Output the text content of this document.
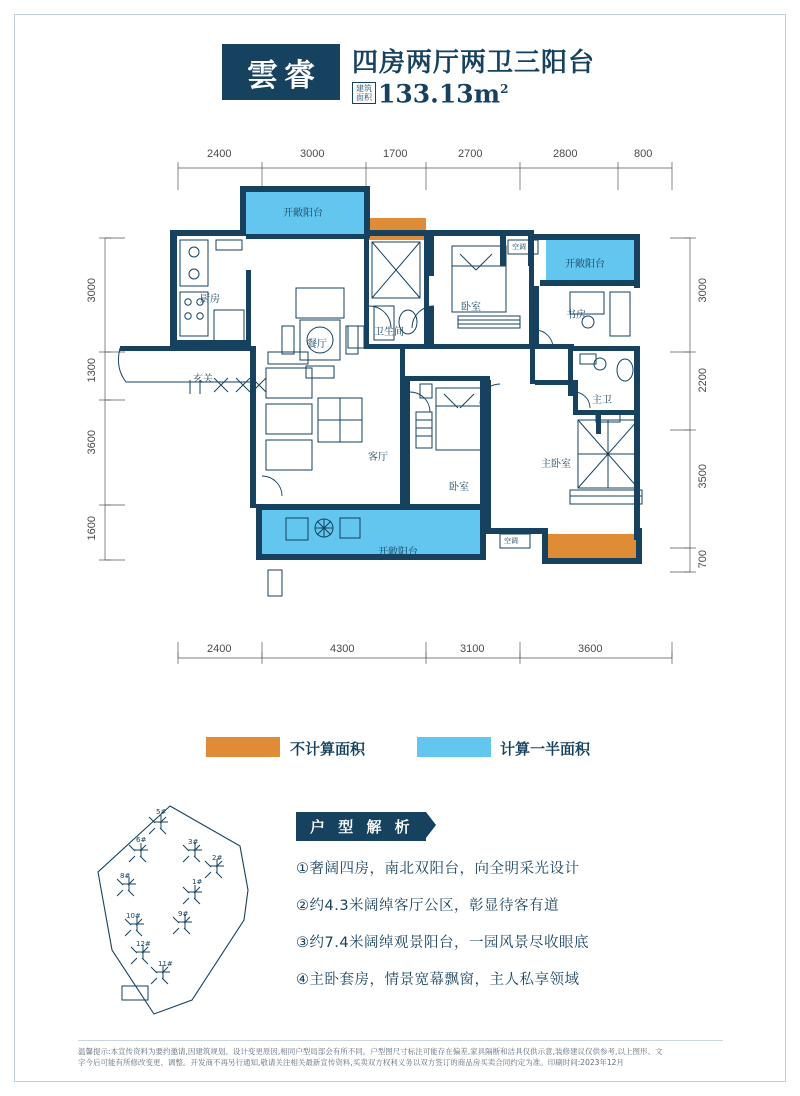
雲睿	四房两厅两卫三阳台
建筑
面积 $133.13m^2$
2400	3000	1700	2700	2800	800
2400	4300	3100	3600
3000
1300
3600
1600
3000
2200
3500
700
开敞阳台
厨房
餐厅
卫生间
卧室
开敞阳台
书房
玄关
客厅
卧室
主卧室
主卫
开敞阳台
空调
空调
不计算面积	计算一半面积
5#
6#	3#
2#
1#
8#
9#
10#
12#
11#
户 型 解 析
①奢阔四房，南北双阳台，向全明采光设计
②约4.3米阔绰客厅公区，彰显待客有道
③约7.4米阔绰观景阳台，一园风景尽收眼底
④主卧套房，情景宽幕飘窗，主人私享领域
温馨提示:本宣传资料为要约邀请,因建筑规划、设计变更原因,相同户型局部会有所不同。户型图尺寸标注可能存在偏差,家具隔断和洁具仅供示意,装修建议仅供参考,以上图形、文
字今后可能有所修改变更、调整。开发商不再另行通知,敬请关注相关最新宣传资料,买卖双方权利义务以双方签订的商品房买卖合同约定为准。印刷时间:2023年12月
